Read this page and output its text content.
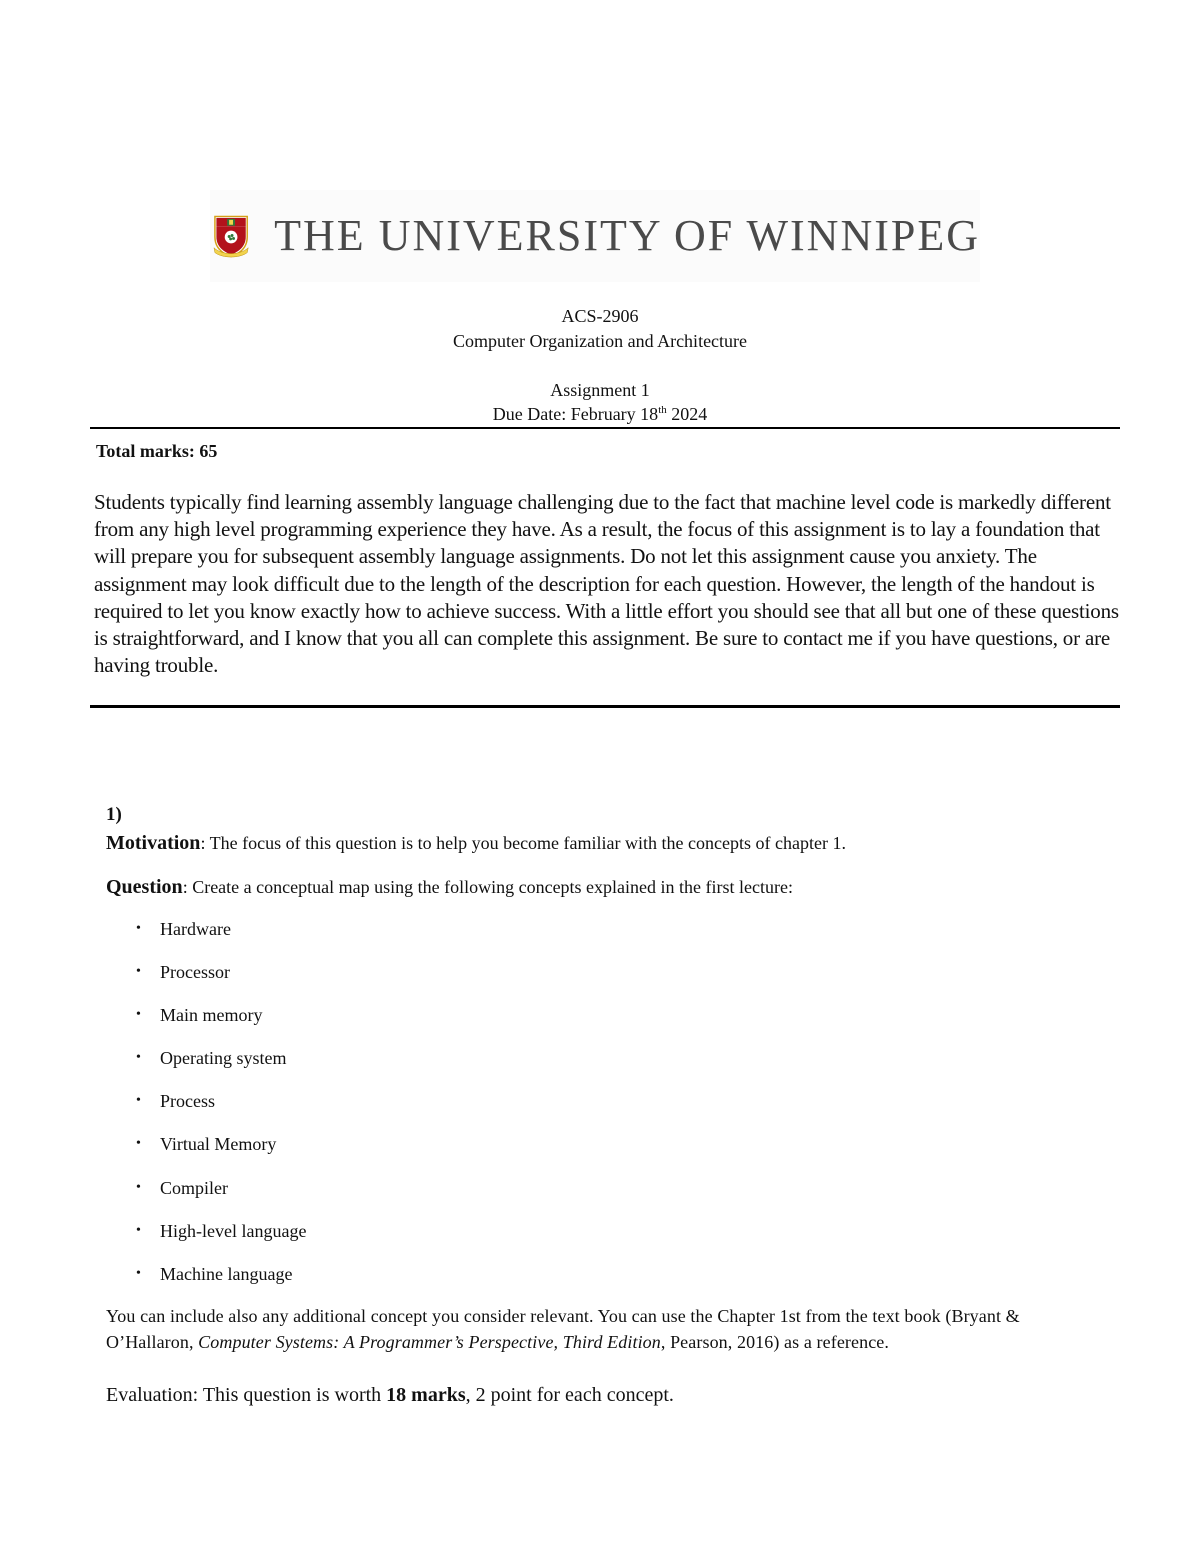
THE UNIVERSITY OF WINNIPEG
ACS-2906
Computer Organization and Architecture
Assignment 1
Due Date: February 18th 2024
Total marks: 65

Students typically find learning assembly language challenging due to the fact that machine level code is markedly different from any high level programming experience they have. As a result, the focus of this assignment is to lay a foundation that will prepare you for subsequent assembly language assignments. Do not let this assignment cause you anxiety. The assignment may look difficult due to the length of the description for each question. However, the length of the handout is required to let you know exactly how to achieve success. With a little effort you should see that all but one of these questions is straightforward, and I know that you all can complete this assignment. Be sure to contact me if you have questions, or are having trouble.

1)

Motivation: The focus of this question is to help you become familiar with the concepts of chapter 1.

Question: Create a conceptual map using the following concepts explained in the first lecture:

•	Hardware
•	Processor
•	Main memory
•	Operating system
•	Process
•	Virtual Memory
•	Compiler
•	High-level language
•	Machine language

You can include also any additional concept you consider relevant. You can use the Chapter 1st from the text book (Bryant & O’Hallaron, Computer Systems: A Programmer’s Perspective, Third Edition, Pearson, 2016) as a reference.

Evaluation: This question is worth 18 marks, 2 point for each concept.
